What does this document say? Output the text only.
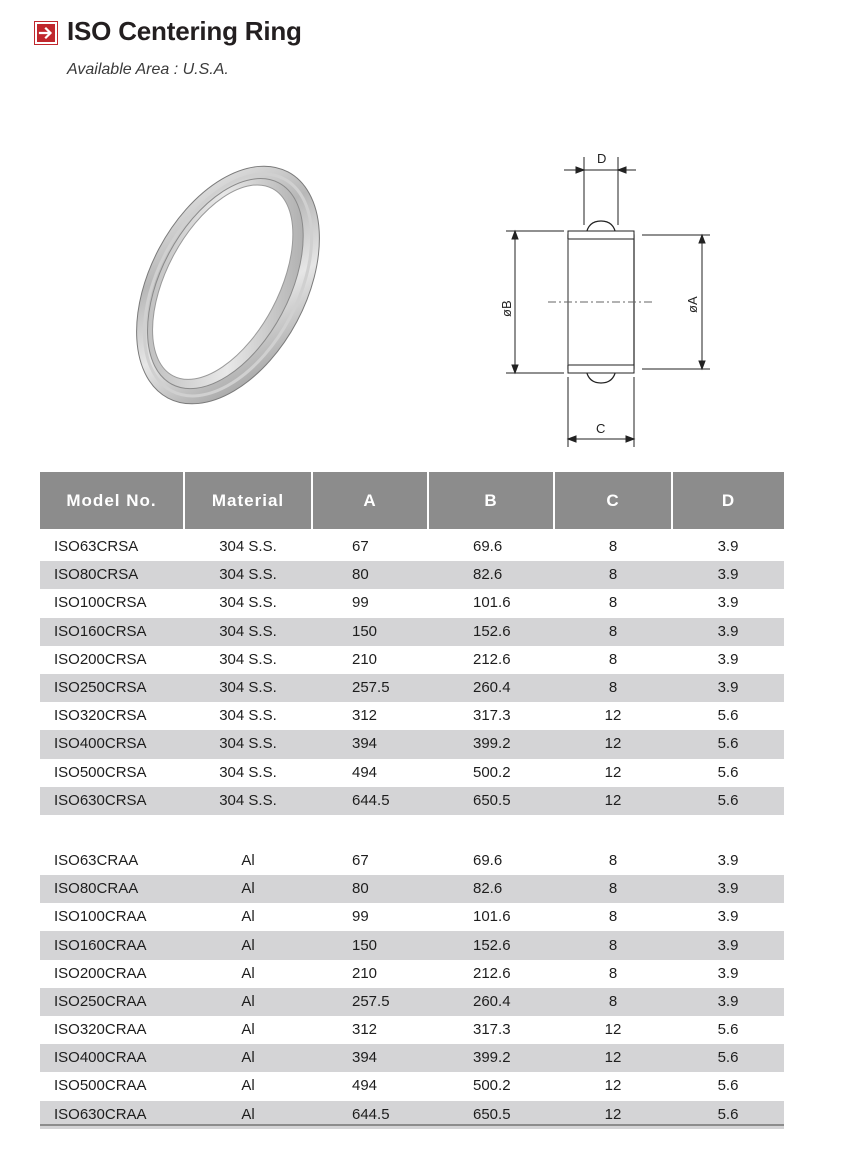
ISO Centering Ring
Available Area : U.S.A.
D
øB	øA
C
Model No.	Material	A	B	C	D
ISO63CRSA	304 S.S.	67	69.6	8	3.9
ISO80CRSA	304 S.S.	80	82.6	8	3.9
ISO100CRSA	304 S.S.	99	101.6	8	3.9
ISO160CRSA	304 S.S.	150	152.6	8	3.9
ISO200CRSA	304 S.S.	210	212.6	8	3.9
ISO250CRSA	304 S.S.	257.5	260.4	8	3.9
ISO320CRSA	304 S.S.	312	317.3	12	5.6
ISO400CRSA	304 S.S.	394	399.2	12	5.6
ISO500CRSA	304 S.S.	494	500.2	12	5.6
ISO630CRSA	304 S.S.	644.5	650.5	12	5.6

ISO63CRAA	Al	67	69.6	8	3.9
ISO80CRAA	Al	80	82.6	8	3.9
ISO100CRAA	Al	99	101.6	8	3.9
ISO160CRAA	Al	150	152.6	8	3.9
ISO200CRAA	Al	210	212.6	8	3.9
ISO250CRAA	Al	257.5	260.4	8	3.9
ISO320CRAA	Al	312	317.3	12	5.6
ISO400CRAA	Al	394	399.2	12	5.6
ISO500CRAA	Al	494	500.2	12	5.6
ISO630CRAA	Al	644.5	650.5	12	5.6
